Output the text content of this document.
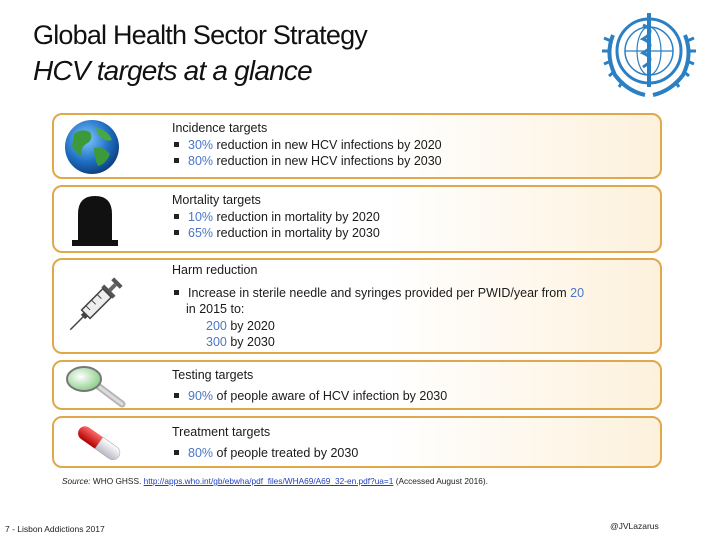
Global Health Sector Strategy
HCV targets at a glance
Incidence targets
30% reduction in new HCV infections by 2020
80% reduction in new HCV infections by 2030
Mortality targets
10% reduction in mortality by 2020
65% reduction in mortality by 2030
Harm reduction
Increase in sterile needle and syringes provided per PWID/year from 20
in 2015 to:
200 by 2020
300 by 2030
Testing targets
90% of people aware of HCV infection by 2030
Treatment targets
80% of people treated by 2030
Source: WHO GHSS. http://apps.who.int/gb/ebwha/pdf_files/WHA69/A69_32-en.pdf?ua=1 (Accessed August 2016).
7 - Lisbon Addictions 2017	@JVLazarus
